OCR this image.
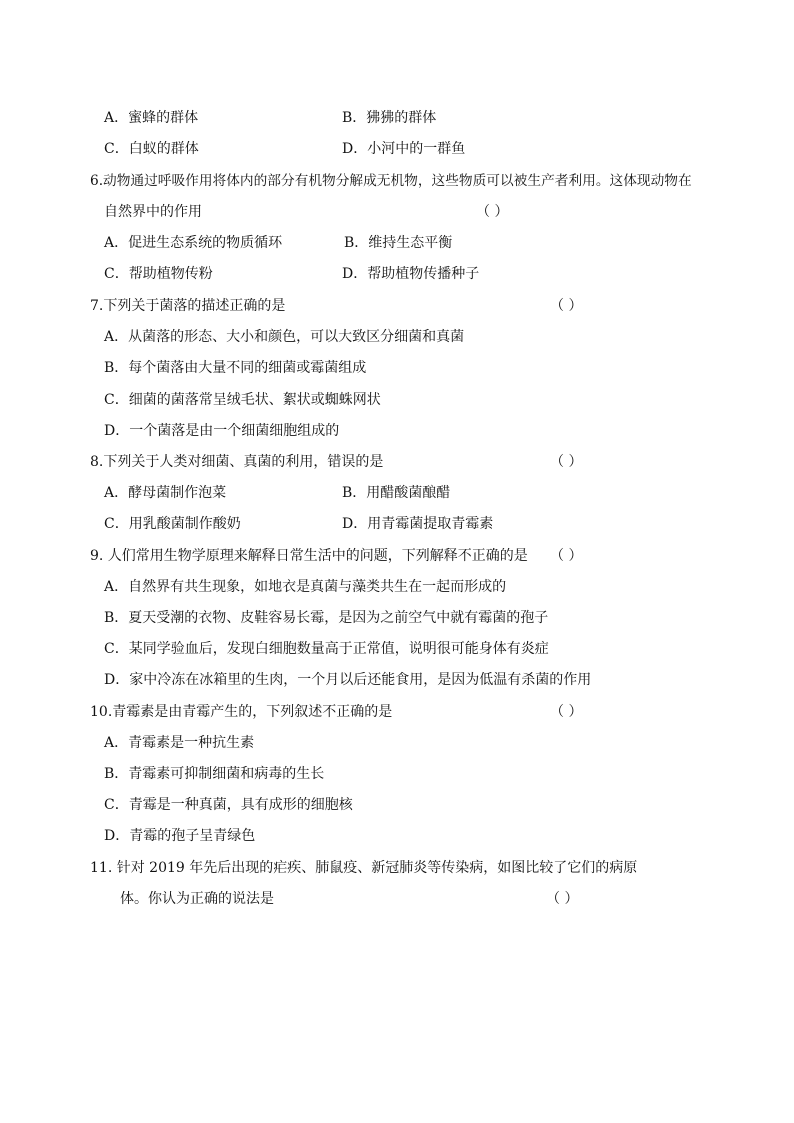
A．蜜蜂的群体	B．狒狒的群体
C．白蚁的群体	D．小河中的一群鱼
6.动物通过呼吸作用将体内的部分有机物分解成无机物，这些物质可以被生产者利用。这体现动物在
自然界中的作用	（ ）
A．促进生态系统的物质循环	B．维持生态平衡
C．帮助植物传粉	D．帮助植物传播种子
7.下列关于菌落的描述正确的是	（ ）
A．从菌落的形态、大小和颜色，可以大致区分细菌和真菌
B．每个菌落由大量不同的细菌或霉菌组成
C．细菌的菌落常呈绒毛状、絮状或蜘蛛网状
D．一个菌落是由一个细菌细胞组成的
8.下列关于人类对细菌、真菌的利用，错误的是	（ ）
A．酵母菌制作泡菜	B．用醋酸菌酿醋
C．用乳酸菌制作酸奶	D．用青霉菌提取青霉素
9. 人们常用生物学原理来解释日常生活中的问题，下列解释不正确的是 （ ）
A．自然界有共生现象，如地衣是真菌与藻类共生在一起而形成的
B．夏天受潮的衣物、皮鞋容易长霉，是因为之前空气中就有霉菌的孢子
C．某同学验血后，发现白细胞数量高于正常值，说明很可能身体有炎症
D．家中冷冻在冰箱里的生肉，一个月以后还能食用，是因为低温有杀菌的作用
10.青霉素是由青霉产生的，下列叙述不正确的是	（ ）
A．青霉素是一种抗生素
B．青霉素可抑制细菌和病毒的生长
C．青霉是一种真菌，具有成形的细胞核
D．青霉的孢子呈青绿色
11. 针对 2019 年先后出现的疟疾、肺鼠疫、新冠肺炎等传染病，如图比较了它们的病原
体。你认为正确的说法是	（ ）
